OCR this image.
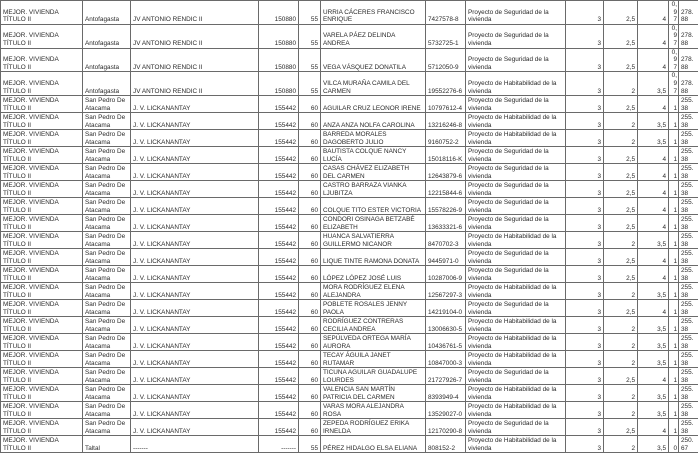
MEJOR. VIVIENDA TÍTULO II	Antofagasta	JV ANTONIO RENDIC II	150880	55	URRIA CÁCERES FRANCISCO ENRIQUE	7427578-8	Proyecto de Seguridad de la vivienda	3	2,5	4	0,97	278.88
MEJOR. VIVIENDA TÍTULO II	Antofagasta	JV ANTONIO RENDIC II	150880	55	VARELA PÁEZ DELINDA ANDREA	5732725-1	Proyecto de Seguridad de la vivienda	3	2,5	4	0,97	278.88
MEJOR. VIVIENDA TÍTULO II	Antofagasta	JV ANTONIO RENDIC II	150880	55	VEGA VÁSQUEZ DONATILA	5712050-9	Proyecto de Seguridad de la vivienda	3	2,5	4	0,97	278.88
MEJOR. VIVIENDA TÍTULO II	Antofagasta	JV ANTONIO RENDIC II	150880	55	VILCA MURAÑA CAMILA DEL CARMEN	19552276-6	Proyecto de Habitabilidad de la vivienda	3	2	3,5	0,97	278.88
MEJOR. VIVIENDA TÍTULO II	San Pedro De Atacama	J. V. LICKANANTAY	155442	60	AGUILAR CRUZ LEONOR IRENE	10797612-4	Proyecto de Seguridad de la vivienda	3	2,5	4	1	255.38
MEJOR. VIVIENDA TÍTULO II	San Pedro De Atacama	J. V. LICKANANTAY	155442	60	ANZA ANZA NOLFA CAROLINA	13216246-8	Proyecto de Habitabilidad de la vivienda	3	2	3,5	1	255.38
MEJOR. VIVIENDA TÍTULO II	San Pedro De Atacama	J. V. LICKANANTAY	155442	60	BARREDA MORALES DAGOBERTO JULIO	9160752-2	Proyecto de Habitabilidad de la vivienda	3	2	3,5	1	255.38
MEJOR. VIVIENDA TÍTULO II	San Pedro De Atacama	J. V. LICKANANTAY	155442	60	BAUTISTA COLQUE NANCY LUCÍA	15018116-K	Proyecto de Seguridad de la vivienda	3	2,5	4	1	255.38
MEJOR. VIVIENDA TÍTULO II	San Pedro De Atacama	J. V. LICKANANTAY	155442	60	CASAS CHÁVEZ ELIZABETH DEL CARMEN	12643879-6	Proyecto de Seguridad de la vivienda	3	2,5	4	1	255.38
MEJOR. VIVIENDA TÍTULO II	San Pedro De Atacama	J. V. LICKANANTAY	155442	60	CASTRO BARRAZA VIANKA LJUBITZA	12215844-6	Proyecto de Seguridad de la vivienda	3	2,5	4	1	255.38
MEJOR. VIVIENDA TÍTULO II	San Pedro De Atacama	J. V. LICKANANTAY	155442	60	COLQUE TITO ESTER VICTORIA	15578226-9	Proyecto de Seguridad de la vivienda	3	2,5	4	1	255.38
MEJOR. VIVIENDA TÍTULO II	San Pedro De Atacama	J. V. LICKANANTAY	155442	60	CONDORI OSINAGA BETZABÉ ELIZABETH	13633321-6	Proyecto de Seguridad de la vivienda	3	2,5	4	1	255.38
MEJOR. VIVIENDA TÍTULO II	San Pedro De Atacama	J. V. LICKANANTAY	155442	60	HUANCA SALVATIERRA GUILLERMO NICANOR	8470702-3	Proyecto de Habitabilidad de la vivienda	3	2	3,5	1	255.38
MEJOR. VIVIENDA TÍTULO II	San Pedro De Atacama	J. V. LICKANANTAY	155442	60	LIQUE TINTE RAMONA DONATA	9445971-0	Proyecto de Seguridad de la vivienda	3	2,5	4	1	255.38
MEJOR. VIVIENDA TÍTULO II	San Pedro De Atacama	J. V. LICKANANTAY	155442	60	LÓPEZ LÓPEZ JOSÉ LUIS	10287006-9	Proyecto de Seguridad de la vivienda	3	2,5	4	1	255.38
MEJOR. VIVIENDA TÍTULO II	San Pedro De Atacama	J. V. LICKANANTAY	155442	60	MORA RODRÍGUEZ ELENA ALEJANDRA	12567297-3	Proyecto de Habitabilidad de la vivienda	3	2	3,5	1	255.38
MEJOR. VIVIENDA TÍTULO II	San Pedro De Atacama	J. V. LICKANANTAY	155442	60	POBLETE ROSALES JENNY PAOLA	14219104-0	Proyecto de Seguridad de la vivienda	3	2,5	4	1	255.38
MEJOR. VIVIENDA TÍTULO II	San Pedro De Atacama	J. V. LICKANANTAY	155442	60	RODRÍGUEZ CONTRERAS CECILIA ANDREA	13006630-5	Proyecto de Habitabilidad de la vivienda	3	2	3,5	1	255.38
MEJOR. VIVIENDA TÍTULO II	San Pedro De Atacama	J. V. LICKANANTAY	155442	60	SEPÚLVEDA ORTEGA MARÍA AURORA	10436761-5	Proyecto de Habitabilidad de la vivienda	3	2	3,5	1	255.38
MEJOR. VIVIENDA TÍTULO II	San Pedro De Atacama	J. V. LICKANANTAY	155442	60	TECAY ÁGUILA JANET RUTAMAR	10847000-3	Proyecto de Habitabilidad de la vivienda	3	2	3,5	1	255.38
MEJOR. VIVIENDA TÍTULO II	San Pedro De Atacama	J. V. LICKANANTAY	155442	60	TICUNA AGUILAR GUADALUPE LOURDES	21727926-7	Proyecto de Seguridad de la vivienda	3	2,5	4	1	255.38
MEJOR. VIVIENDA TÍTULO II	San Pedro De Atacama	J. V. LICKANANTAY	155442	60	VALENCIA SAN MARTÍN PATRICIA DEL CARMEN	8393949-4	Proyecto de Habitabilidad de la vivienda	3	2	3,5	1	255.38
MEJOR. VIVIENDA TÍTULO II	San Pedro De Atacama	J. V. LICKANANTAY	155442	60	VARAS MORA ALEJANDRA ROSA	13529027-0	Proyecto de Habitabilidad de la vivienda	3	2	3,5	1	255.38
MEJOR. VIVIENDA TÍTULO II	San Pedro De Atacama	J. V. LICKANANTAY	155442	60	ZEPEDA RODRÍGUEZ ERIKA IRNELDA	12170290-8	Proyecto de Seguridad de la vivienda	3	2,5	4	1	255.38
MEJOR. VIVIENDA TÍTULO II	Taltal	-------	-------	55	PÉREZ HIDALGO ELSA ELIANA	808152-2	Proyecto de Habitabilidad de la vivienda	3	2	3,5	0	250.67
